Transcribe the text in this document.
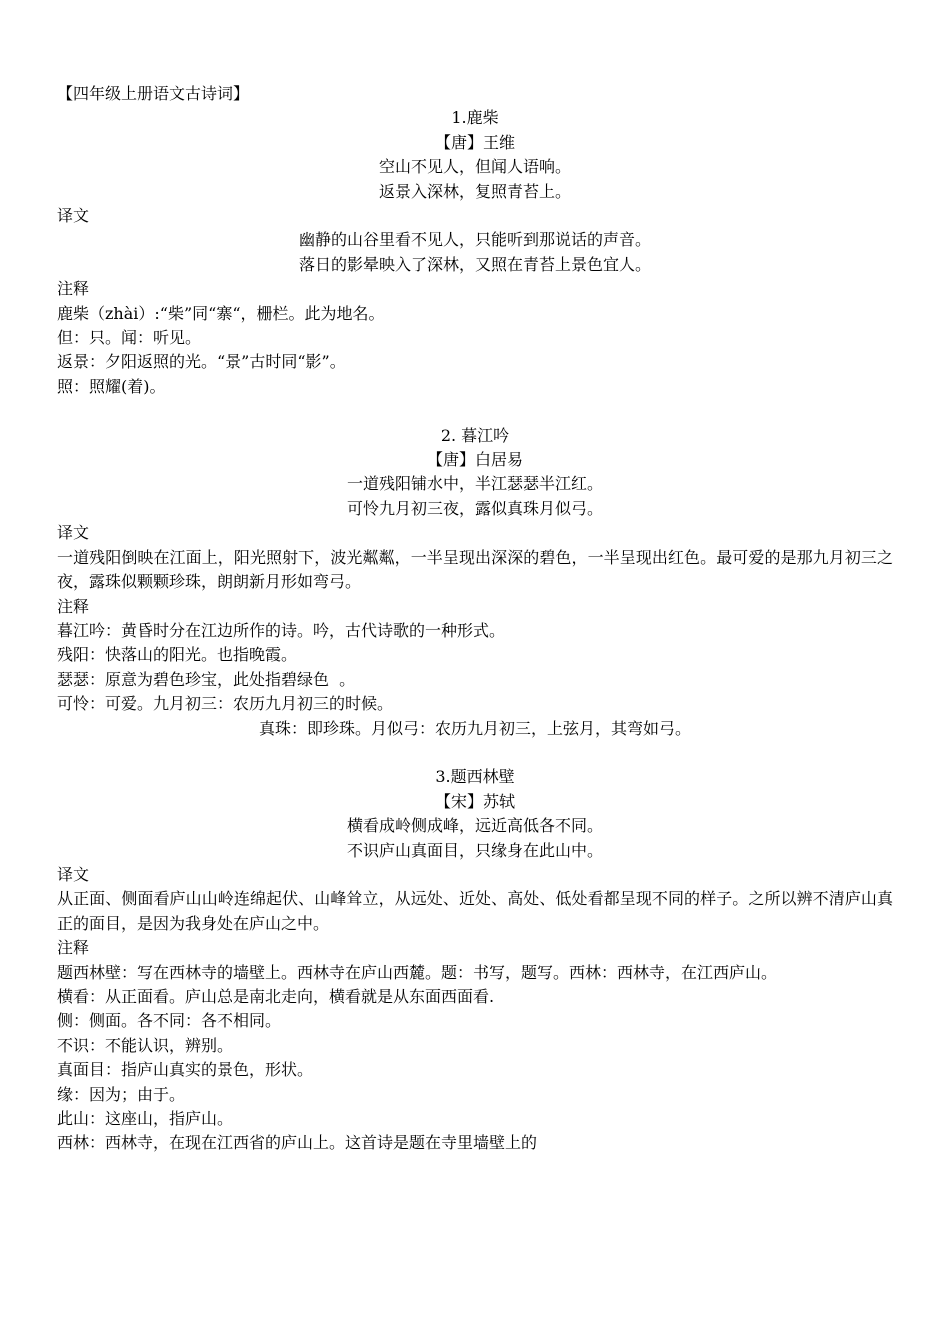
【四年级上册语文古诗词】

1.鹿柴

【唐】王维

空山不见人，但闻人语响。

返景入深林，复照青苔上。

译文

幽静的山谷里看不见人，只能听到那说话的声音。

落日的影晕映入了深林，又照在青苔上景色宜人。

注释

鹿柴（zhài）:“柴”同“寨“，栅栏。此为地名。

但：只。闻：听见。

返景：夕阳返照的光。“景”古时同“影”。

照：照耀(着)。

2. 暮江吟

【唐】白居易

一道残阳铺水中，半江瑟瑟半江红。

可怜九月初三夜，露似真珠月似弓。

译文

一道残阳倒映在江面上，阳光照射下，波光粼粼，一半呈现出深深的碧色，一半呈现出红色。最可爱的是那九月初三之夜，露珠似颗颗珍珠，朗朗新月形如弯弓。

注释

暮江吟：黄昏时分在江边所作的诗。吟，古代诗歌的一种形式。

残阳：快落山的阳光。也指晚霞。

瑟瑟：原意为碧色珍宝，此处指碧绿色  。

可怜：可爱。九月初三：农历九月初三的时候。

真珠：即珍珠。月似弓：农历九月初三，上弦月，其弯如弓。

3.题西林壁

【宋】苏轼

横看成岭侧成峰，远近高低各不同。

不识庐山真面目，只缘身在此山中。

译文

从正面、侧面看庐山山岭连绵起伏、山峰耸立，从远处、近处、高处、低处看都呈现不同的样子。之所以辨不清庐山真正的面目，是因为我身处在庐山之中。

注释

题西林壁：写在西林寺的墙壁上。西林寺在庐山西麓。题：书写，题写。西林：西林寺，在江西庐山。

横看：从正面看。庐山总是南北走向，横看就是从东面西面看.

侧：侧面。各不同：各不相同。

不识：不能认识，辨别。

真面目：指庐山真实的景色，形状。

缘：因为；由于。

此山：这座山，指庐山。

西林：西林寺，在现在江西省的庐山上。这首诗是题在寺里墙壁上的
